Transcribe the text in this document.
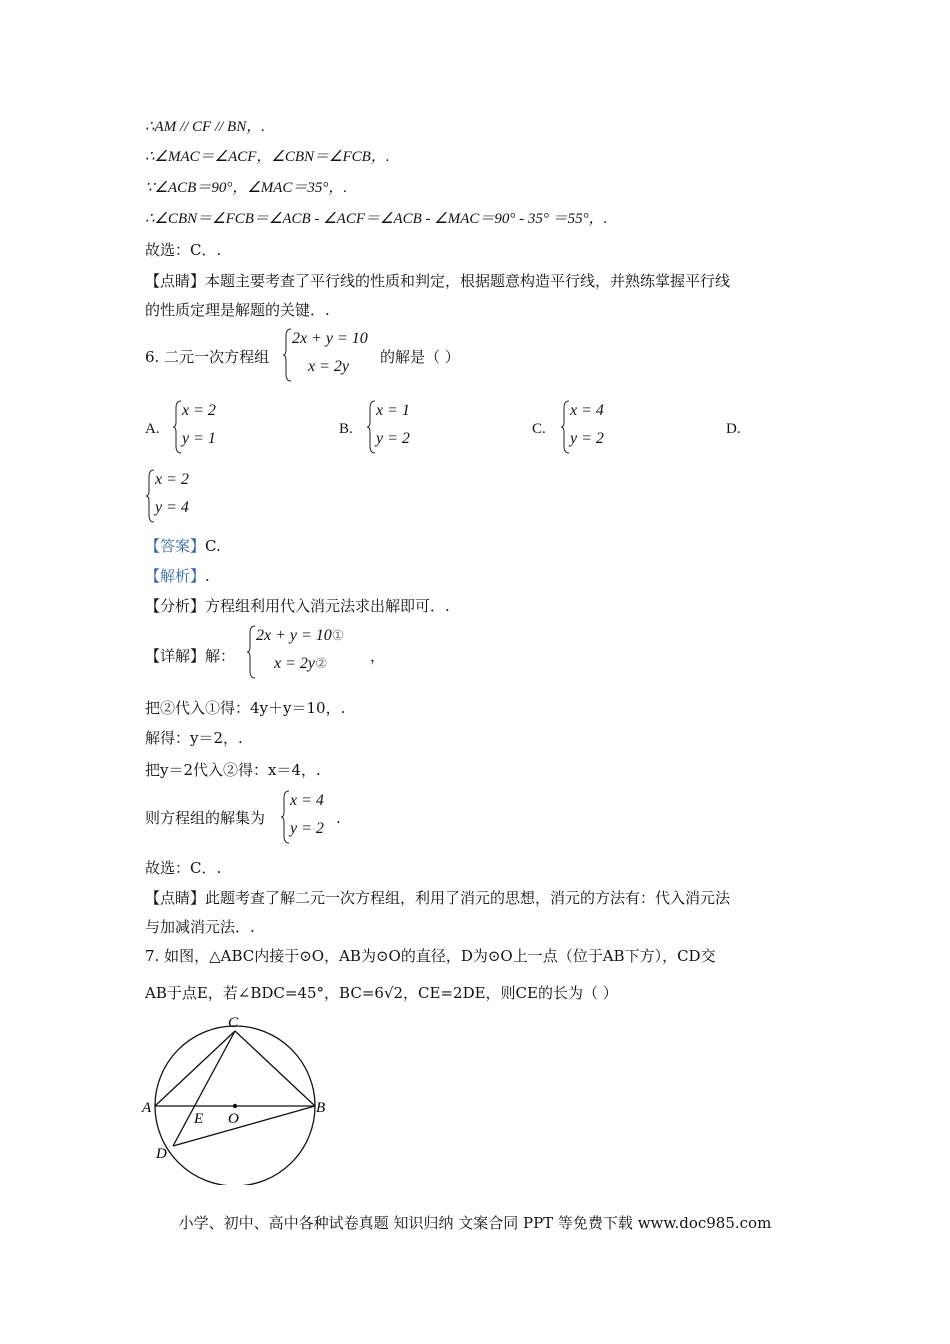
∴AM // CF // BN，.
∴∠MAC＝∠ACF，∠CBN＝∠FCB，.
∵∠ACB＝90°，∠MAC＝35°，.
∴∠CBN＝∠FCB＝∠ACB - ∠ACF＝∠ACB - ∠MAC＝90° - 35° ＝55°，.
故选：C．.
【点睛】本题主要考查了平行线的性质和判定，根据题意构造平行线，并熟练掌握平行线
的性质定理是解题的关键．.
6. 二元一次方程组
2x + y = 10
x = 2y
的解是（ ）
A.
x = 2
y = 1
B.
x = 1
y = 2
C.
x = 4
y = 2
D.
x = 2
y = 4
【答案】C.
【解析】.
【分析】方程组利用代入消元法求出解即可．.
【详解】解：
2x + y = 10①
x = 2y②	，
把②代入①得：4y＋y＝10，.
解得：y＝2，.
把y＝2代入②得：x＝4，.
则方程组的解集为
x = 4
y = 2
.
故选：C．.
【点睛】此题考查了解二元一次方程组，利用了消元的思想，消元的方法有：代入消元法
与加减消元法．.
7. 如图，△ABC内接于⊙O，AB为⊙O的直径，D为⊙O上一点（位于AB下方），CD交
AB于点E，若∠BDC=45°，BC=6√2，CE=2DE，则CE的长为（ ）
C
A	B
E O
D
小学、初中、高中各种试卷真题 知识归纳 文案合同 PPT 等免费下载 www.doc985.com
